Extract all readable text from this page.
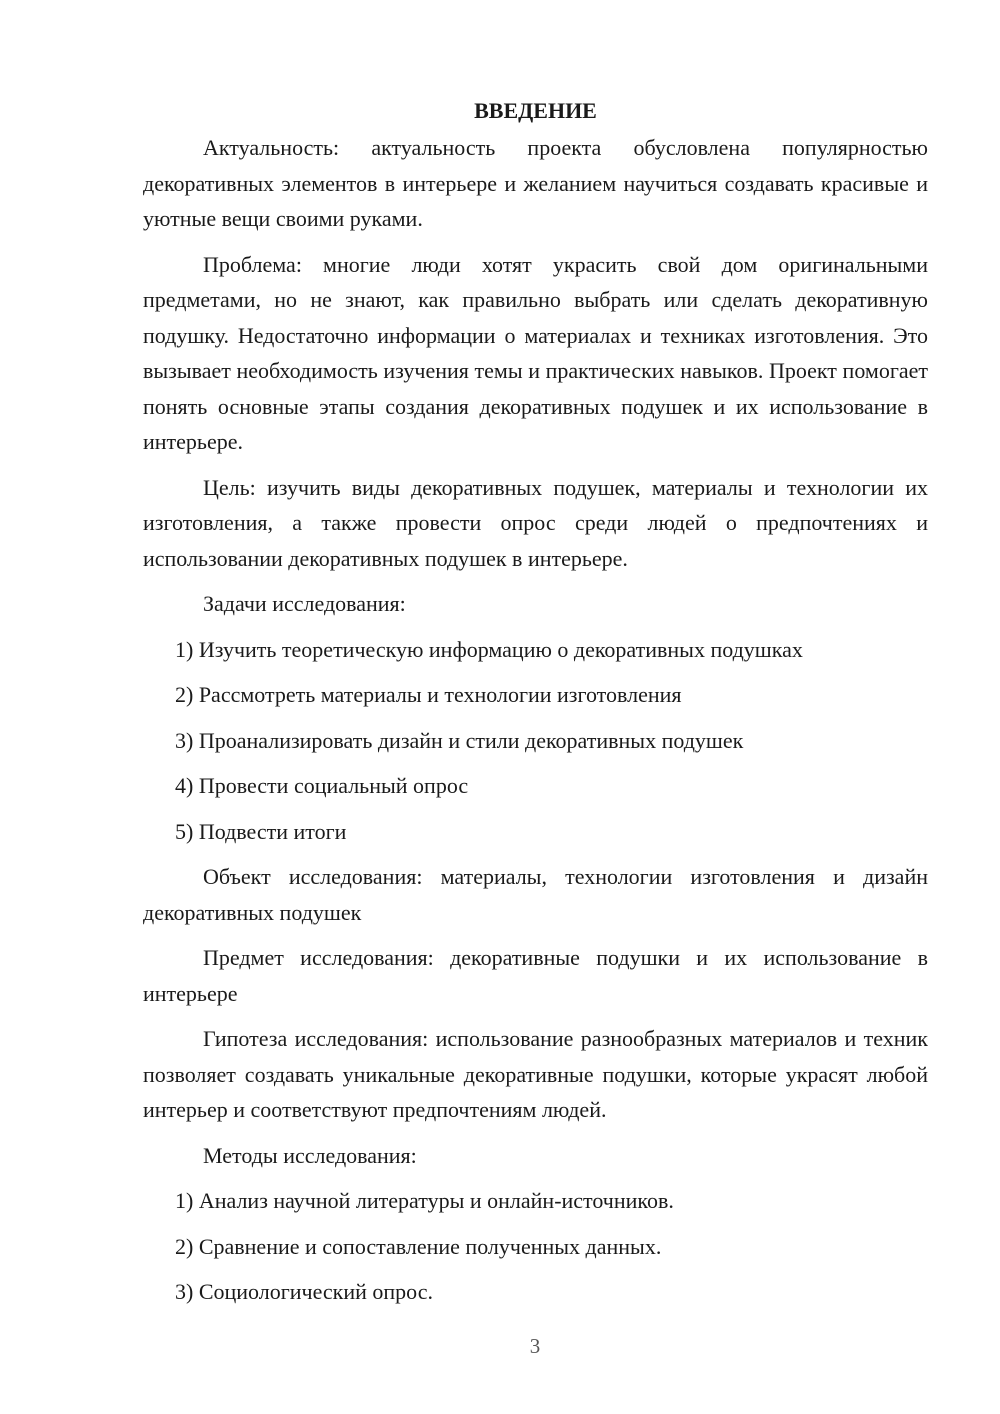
ВВЕДЕНИЕ

Актуальность: актуальность проекта обусловлена популярностью декоративных элементов в интерьере и желанием научиться создавать красивые и уютные вещи своими руками.

Проблема: многие люди хотят украсить свой дом оригинальными предметами, но не знают, как правильно выбрать или сделать декоративную подушку. Недостаточно информации о материалах и техниках изготовления. Это вызывает необходимость изучения темы и практических навыков. Проект помогает понять основные этапы создания декоративных подушек и их использование в интерьере.

Цель: изучить виды декоративных подушек, материалы и технологии их изготовления, а также провести опрос среди людей о предпочтениях и использовании декоративных подушек в интерьере.

Задачи исследования:
1) Изучить теоретическую информацию о декоративных подушках
2) Рассмотреть материалы и технологии изготовления
3) Проанализировать дизайн и стили декоративных подушек
4) Провести социальный опрос
5) Подвести итоги

Объект исследования: материалы, технологии изготовления и дизайн декоративных подушек

Предмет исследования: декоративные подушки и их использование в интерьере

Гипотеза исследования: использование разнообразных материалов и техник позволяет создавать уникальные декоративные подушки, которые украсят любой интерьер и соответствуют предпочтениям людей.

Методы исследования:
1) Анализ научной литературы и онлайн-источников.
2) Сравнение и сопоставление полученных данных.
3) Социологический опрос.
3
